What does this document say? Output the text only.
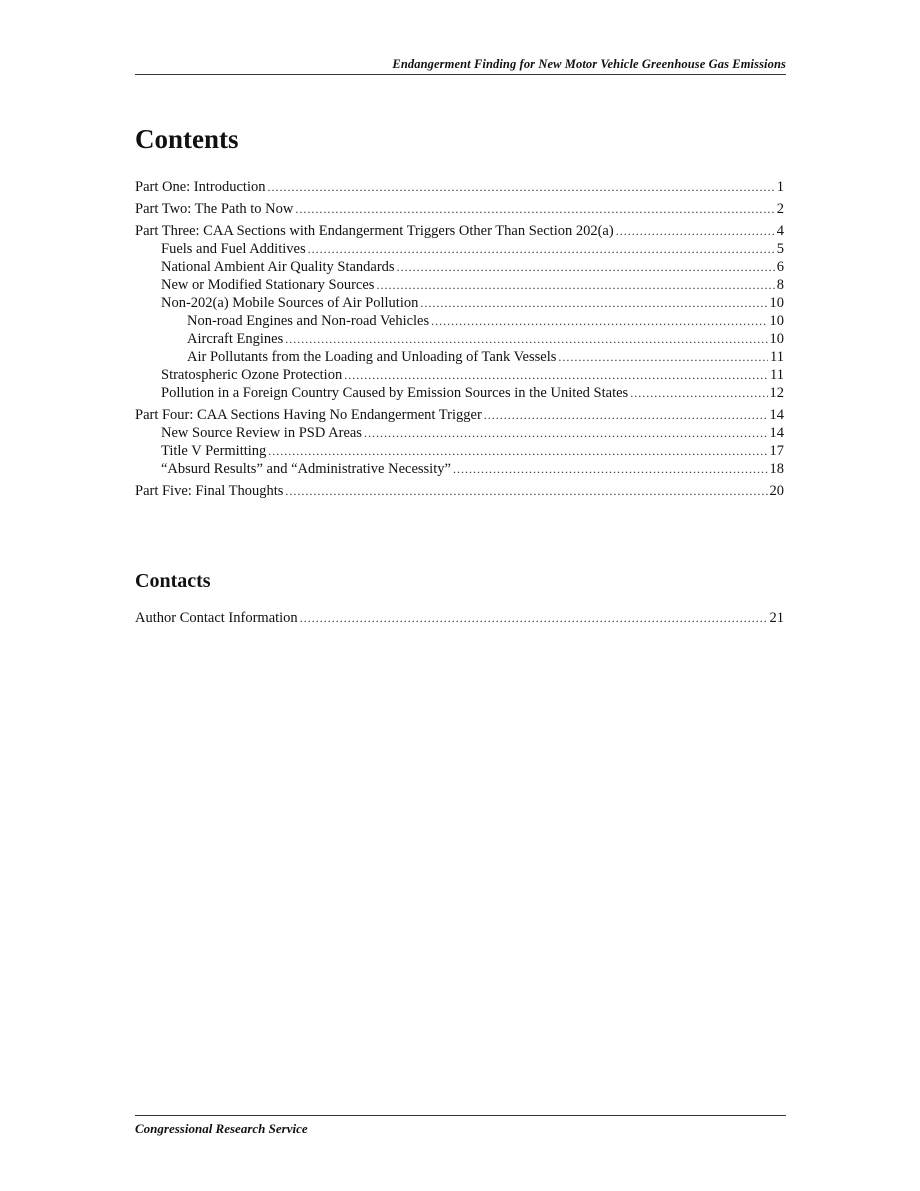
Endangerment Finding for New Motor Vehicle Greenhouse Gas Emissions
Contents
Part One: Introduction .....	1
Part Two: The Path to Now .....	2
Part Three: CAA Sections with Endangerment Triggers Other Than Section 202(a) .....	4
Fuels and Fuel Additives .....	5
National Ambient Air Quality Standards .....	6
New or Modified Stationary Sources .....	8
Non-202(a) Mobile Sources of Air Pollution .....	10
Non-road Engines and Non-road Vehicles .....	10
Aircraft Engines .....	10
Air Pollutants from the Loading and Unloading of Tank Vessels .....	11
Stratospheric Ozone Protection .....	11
Pollution in a Foreign Country Caused by Emission Sources in the United States .....	12
Part Four: CAA Sections Having No Endangerment Trigger .....	14
New Source Review in PSD Areas .....	14
Title V Permitting .....	17
“Absurd Results” and “Administrative Necessity” .....	18
Part Five: Final Thoughts .....	20
Contacts
Author Contact Information .....	21
Congressional Research Service
